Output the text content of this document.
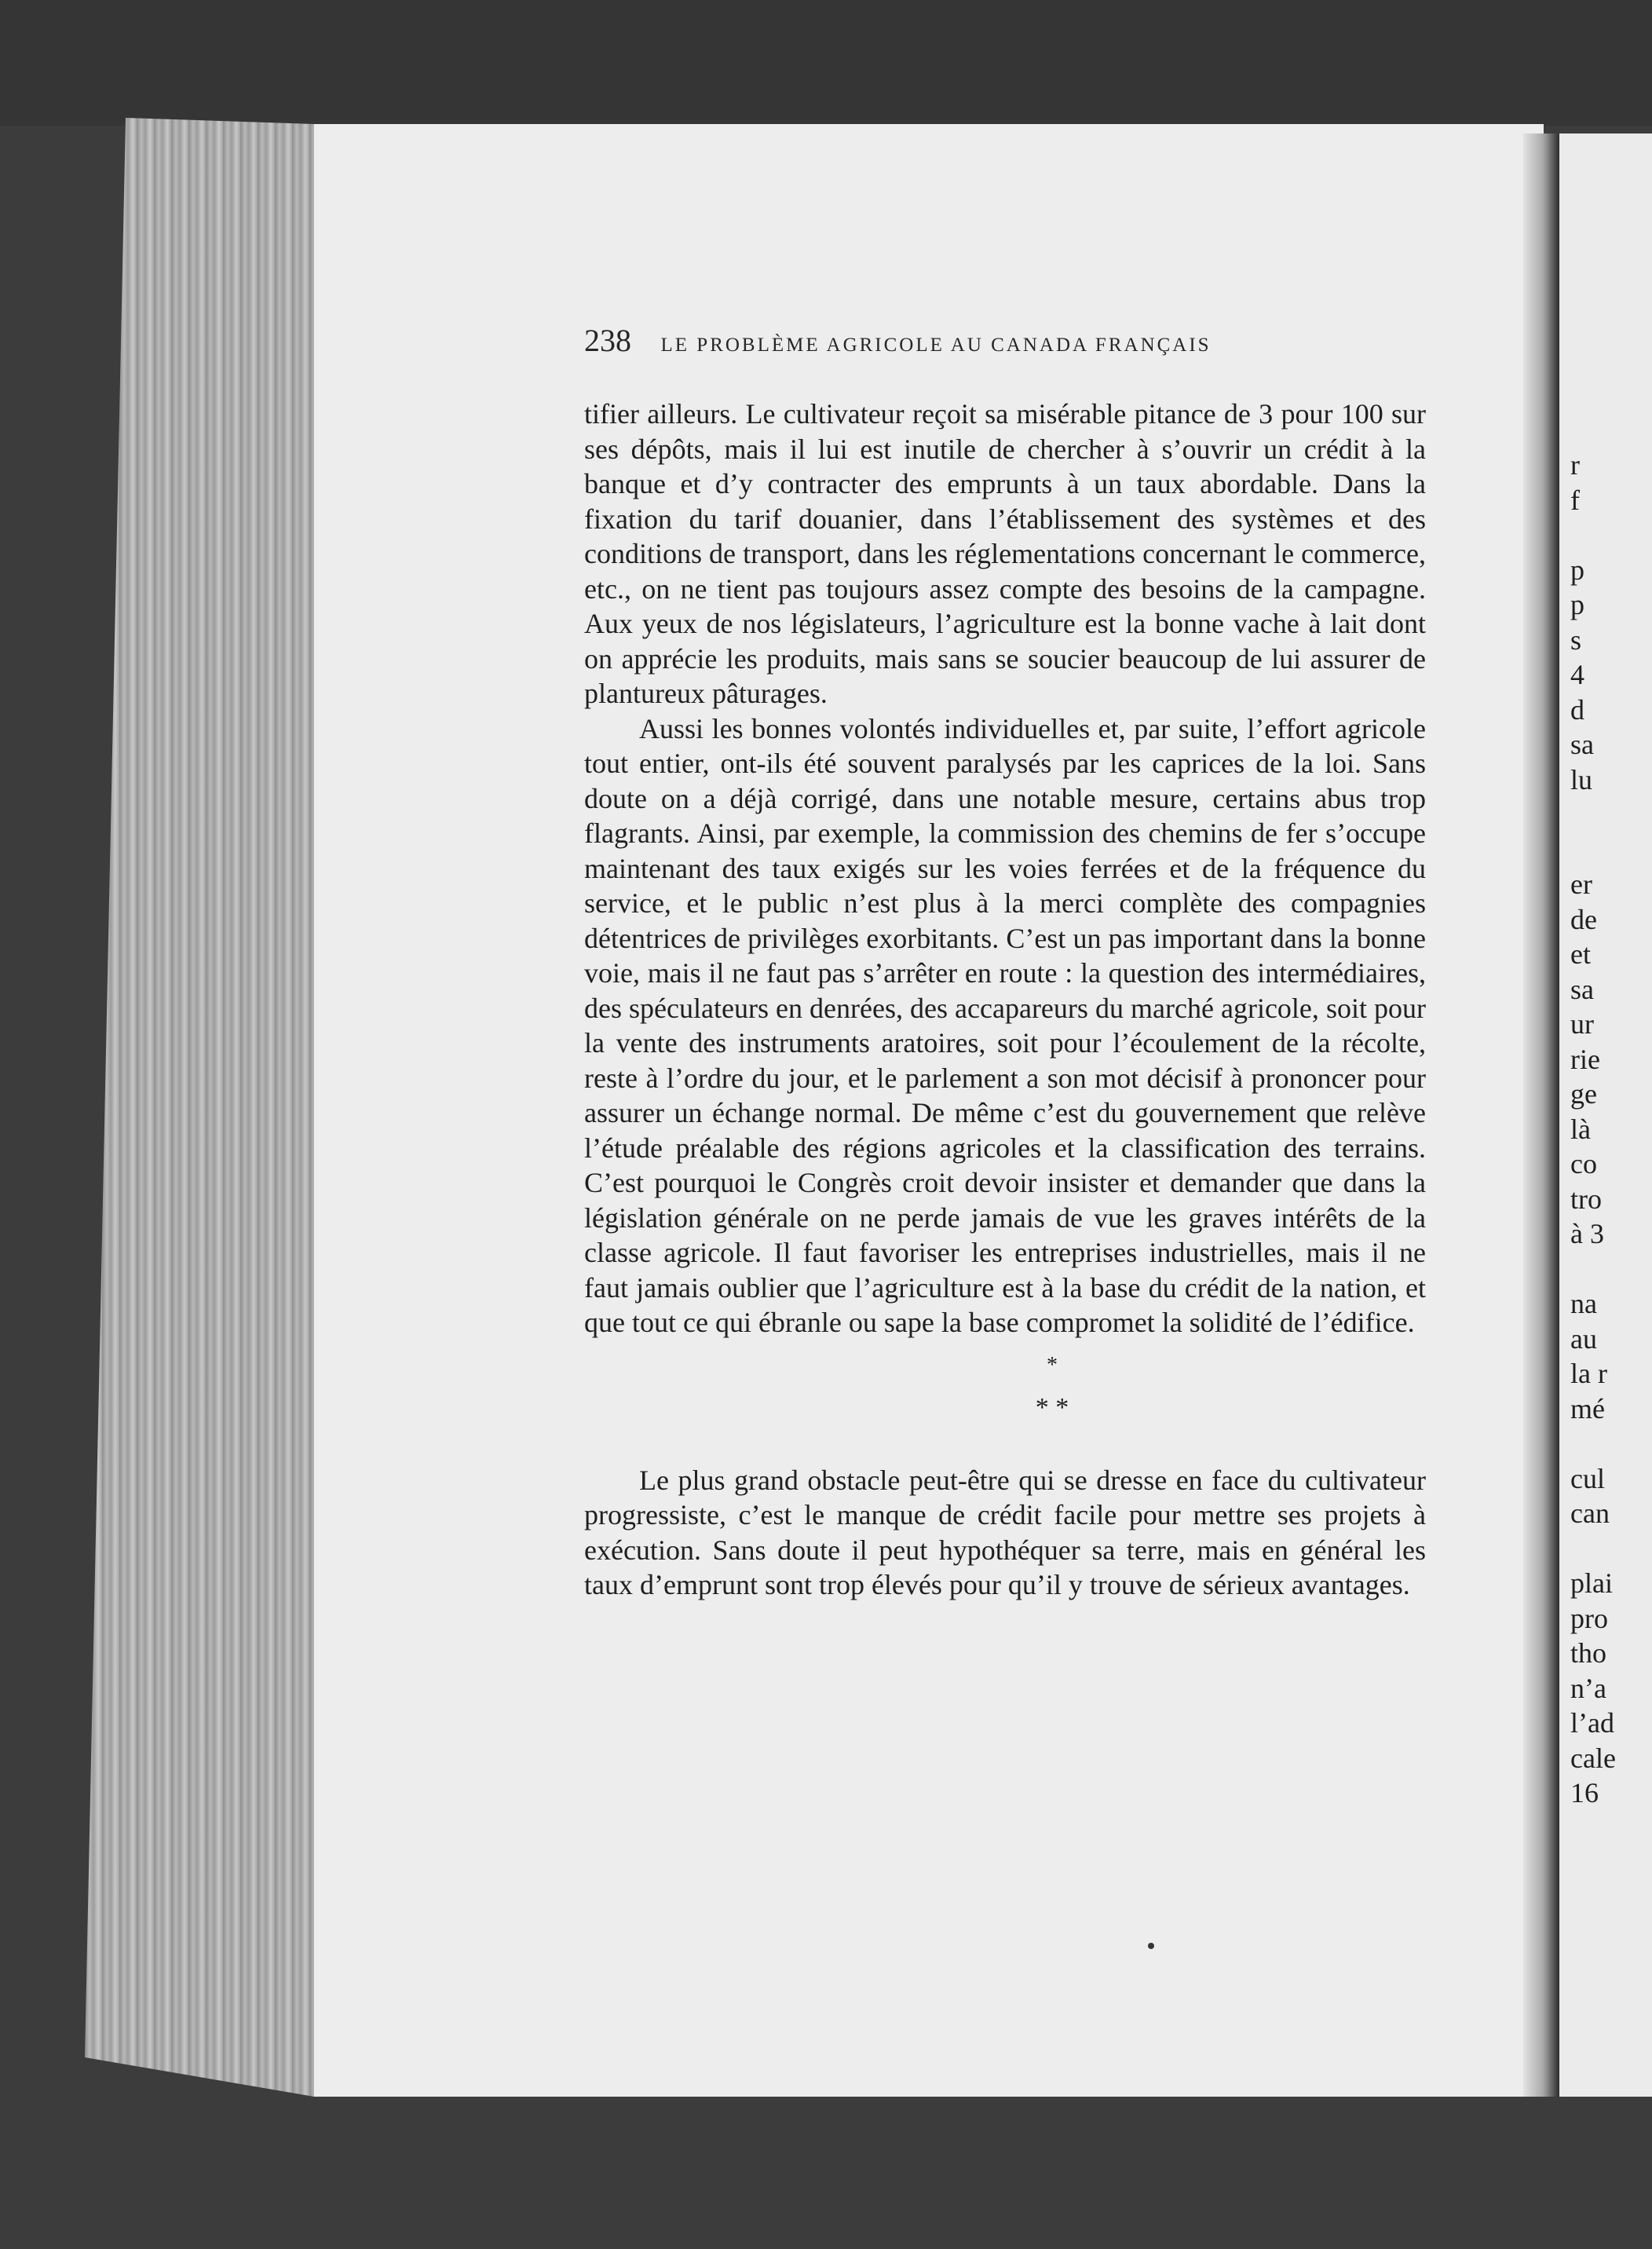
238 LE PROBLÈME AGRICOLE AU CANADA FRANÇAIS

tifier ailleurs. Le cultivateur reçoit sa misérable pitance de 3 pour 100 sur ses dépôts, mais il lui est inutile de chercher à s’ouvrir un crédit à la banque et d’y contracter des emprunts à un taux abordable. Dans la fixation du tarif douanier, dans l’établissement des systèmes et des conditions de transport, dans les réglementations concernant le commerce, etc., on ne tient pas toujours assez compte des besoins de la campagne. Aux yeux de nos législateurs, l’agriculture est la bonne vache à lait dont on apprécie les produits, mais sans se soucier beaucoup de lui assurer de plantureux pâturages.

Aussi les bonnes volontés individuelles et, par suite, l’effort agricole tout entier, ont-ils été souvent paralysés par les caprices de la loi. Sans doute on a déjà corrigé, dans une notable mesure, certains abus trop flagrants. Ainsi, par exemple, la commission des chemins de fer s’occupe maintenant des taux exigés sur les voies ferrées et de la fréquence du service, et le public n’est plus à la merci complète des compagnies détentrices de privilèges exorbitants. C’est un pas important dans la bonne voie, mais il ne faut pas s’arrêter en route : la question des intermédiaires, des spéculateurs en denrées, des accapareurs du marché agricole, soit pour la vente des instruments aratoires, soit pour l’écoulement de la récolte, reste à l’ordre du jour, et le parlement a son mot décisif à prononcer pour assurer un échange normal. De même c’est du gouvernement que relève l’étude préalable des régions agricoles et la classification des terrains. C’est pourquoi le Congrès croit devoir insister et demander que dans la législation générale on ne perde jamais de vue les graves intérêts de la classe agricole. Il faut favoriser les entreprises industrielles, mais il ne faut jamais oublier que l’agriculture est à la base du crédit de la nation, et que tout ce qui ébranle ou sape la base compromet la solidité de l’édifice.

*
* *

Le plus grand obstacle peut-être qui se dresse en face du cultivateur progressiste, c’est le manque de crédit facile pour mettre ses projets à exécution. Sans doute il peut hypothéquer sa terre, mais en général les taux d’emprunt sont trop élevés pour qu’il y trouve de sérieux avantages.

r
f
p
p
s
4
d
sa
lu
er
de
et
sa
ur
rie
ge
là
co
tro
à 3
na
au
la r
mé
cul
can
plai
pro
tho
n’a
l’ad
cale
16
